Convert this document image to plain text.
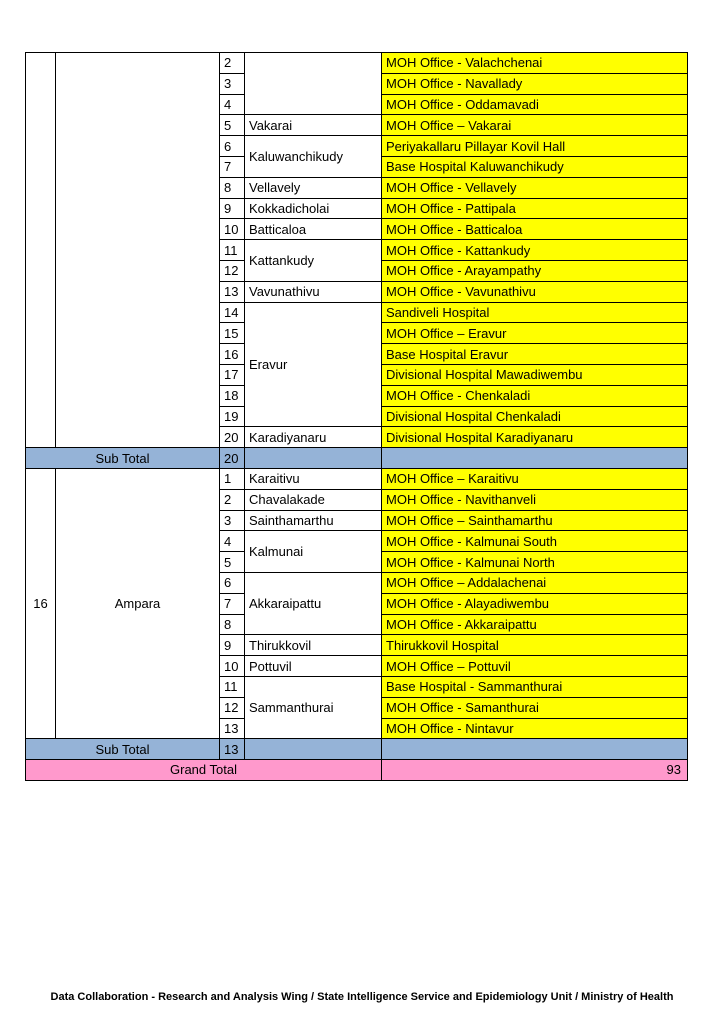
		2		MOH Office - Valachchenai
		3		MOH Office - Navallady
		4		MOH Office - Oddamavadi
		5	Vakarai	MOH Office – Vakarai
		6	Kaluwanchikudy	Periyakallaru Pillayar Kovil Hall
		7		Base Hospital Kaluwanchikudy
		8	Vellavely	MOH Office - Vellavely
		9	Kokkadicholai	MOH Office - Pattipala
		10	Batticaloa	MOH Office - Batticaloa
		11	Kattankudy	MOH Office - Kattankudy
		12		MOH Office - Arayampathy
		13	Vavunathivu	MOH Office - Vavunathivu
		14	Eravur	Sandiveli Hospital
		15		MOH Office – Eravur
		16		Base Hospital Eravur
		17		Divisional Hospital Mawadiwembu
		18		MOH Office - Chenkaladi
		19		Divisional Hospital Chenkaladi
		20	Karadiyanaru	Divisional Hospital Karadiyanaru
Sub Total		20		
16	Ampara	1	Karaitivu	MOH Office – Karaitivu
		2	Chavalakade	MOH Office - Navithanveli
		3	Sainthamarthu	MOH Office – Sainthamarthu
		4	Kalmunai	MOH Office - Kalmunai South
		5		MOH Office - Kalmunai North
		6	Akkaraipattu	MOH Office – Addalachenai
		7		MOH Office - Alayadiwembu
		8		MOH Office - Akkaraipattu
		9	Thirukkovil	Thirukkovil Hospital
		10	Pottuvil	MOH Office – Pottuvil
		11	Sammanthurai	Base Hospital - Sammanthurai
		12		MOH Office - Samanthurai
		13		MOH Office - Nintavur
Sub Total		13		
Grand Total				93
Data Collaboration - Research and Analysis Wing / State Intelligence Service and Epidemiology Unit / Ministry of Health
